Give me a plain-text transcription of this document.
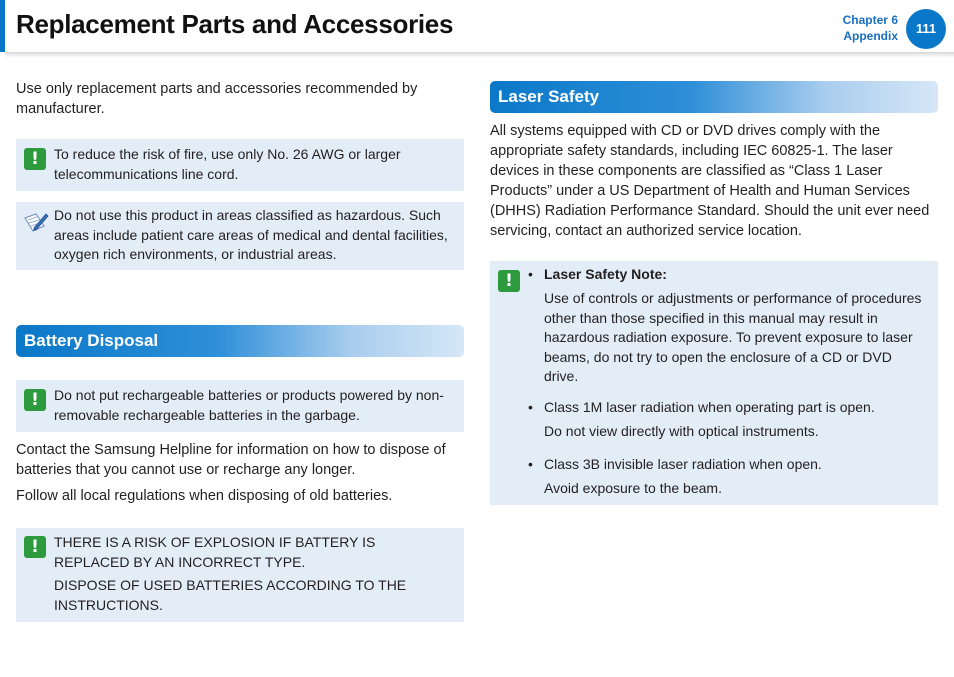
Replacement Parts and Accessories	Chapter 6
Appendix	111
Use only replacement parts and accessories recommended by manufacturer.
! To reduce the risk of fire, use only No. 26 AWG or larger telecommunications line cord.
Do not use this product in areas classified as hazardous. Such areas include patient care areas of medical and dental facilities, oxygen rich environments, or industrial areas.
Battery Disposal
! Do not put rechargeable batteries or products powered by non-removable rechargeable batteries in the garbage.
Contact the Samsung Helpline for information on how to dispose of batteries that you cannot use or recharge any longer.
Follow all local regulations when disposing of old batteries.
! THERE IS A RISK OF EXPLOSION IF BATTERY IS REPLACED BY AN INCORRECT TYPE.
DISPOSE OF USED BATTERIES ACCORDING TO THE INSTRUCTIONS.
Laser Safety
All systems equipped with CD or DVD drives comply with the appropriate safety standards, including IEC 60825-1. The laser devices in these components are classified as “Class 1 Laser Products” under a US Department of Health and Human Services (DHHS) Radiation Performance Standard. Should the unit ever need servicing, contact an authorized service location.
! • Laser Safety Note:
Use of controls or adjustments or performance of procedures other than those specified in this manual may result in hazardous radiation exposure. To prevent exposure to laser beams, do not try to open the enclosure of a CD or DVD drive.
• Class 1M laser radiation when operating part is open.
Do not view directly with optical instruments.
• Class 3B invisible laser radiation when open.
Avoid exposure to the beam.
